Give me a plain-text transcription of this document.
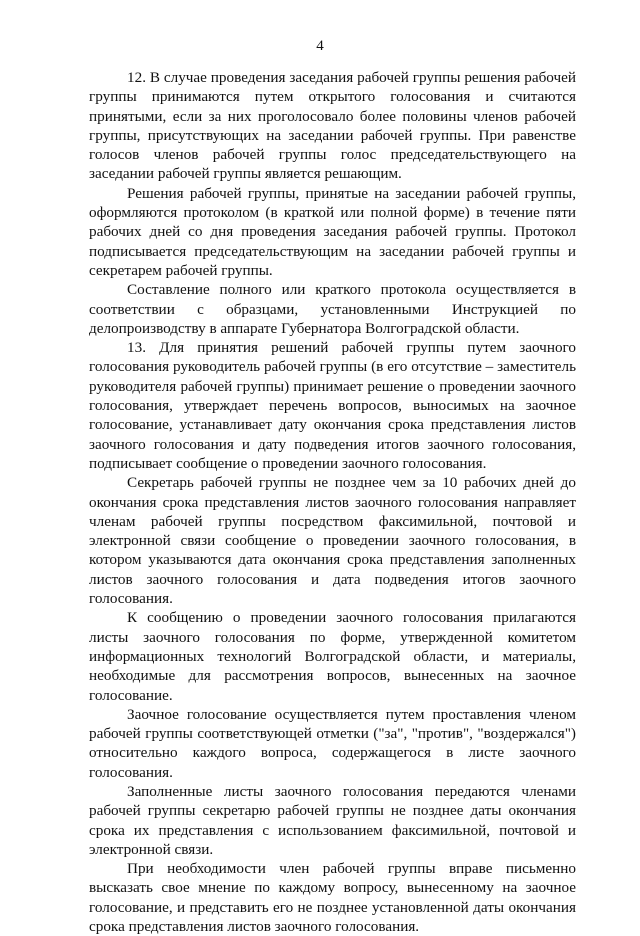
4

12. В случае проведения заседания рабочей группы решения рабочей группы принимаются путем открытого голосования и считаются принятыми, если за них проголосовало более половины членов рабочей группы, присутствующих на заседании рабочей группы. При равенстве голосов членов рабочей группы голос председательствующего на заседании рабочей группы является решающим.

Решения рабочей группы, принятые на заседании рабочей группы, оформляются протоколом (в краткой или полной форме) в течение пяти рабочих дней со дня проведения заседания рабочей группы. Протокол подписывается председательствующим на заседании рабочей группы и секретарем рабочей группы.

Составление полного или краткого протокола осуществляется в соответствии с образцами, установленными Инструкцией по делопроизводству в аппарате Губернатора Волгоградской области.

13. Для принятия решений рабочей группы путем заочного голосования руководитель рабочей группы (в его отсутствие – заместитель руководителя рабочей группы) принимает решение о проведении заочного голосования, утверждает перечень вопросов, выносимых на заочное голосование, устанавливает дату окончания срока представления листов заочного голосования и дату подведения итогов заочного голосования, подписывает сообщение о проведении заочного голосования.

Секретарь рабочей группы не позднее чем за 10 рабочих дней до окончания срока представления листов заочного голосования направляет членам рабочей группы посредством факсимильной, почтовой и электронной связи сообщение о проведении заочного голосования, в котором указываются дата окончания срока представления заполненных листов заочного голосования и дата подведения итогов заочного голосования.

К сообщению о проведении заочного голосования прилагаются листы заочного голосования по форме, утвержденной комитетом информационных технологий Волгоградской области, и материалы, необходимые для рассмотрения вопросов, вынесенных на заочное голосование.

Заочное голосование осуществляется путем проставления членом рабочей группы соответствующей отметки ("за", "против", "воздержался") относительно каждого вопроса, содержащегося в листе заочного голосования.

Заполненные листы заочного голосования передаются членами рабочей группы секретарю рабочей группы не позднее даты окончания срока их представления с использованием факсимильной, почтовой и электронной связи.

При необходимости член рабочей группы вправе письменно высказать свое мнение по каждому вопросу, вынесенному на заочное голосование, и представить его не позднее установленной даты окончания срока представления листов заочного голосования.
